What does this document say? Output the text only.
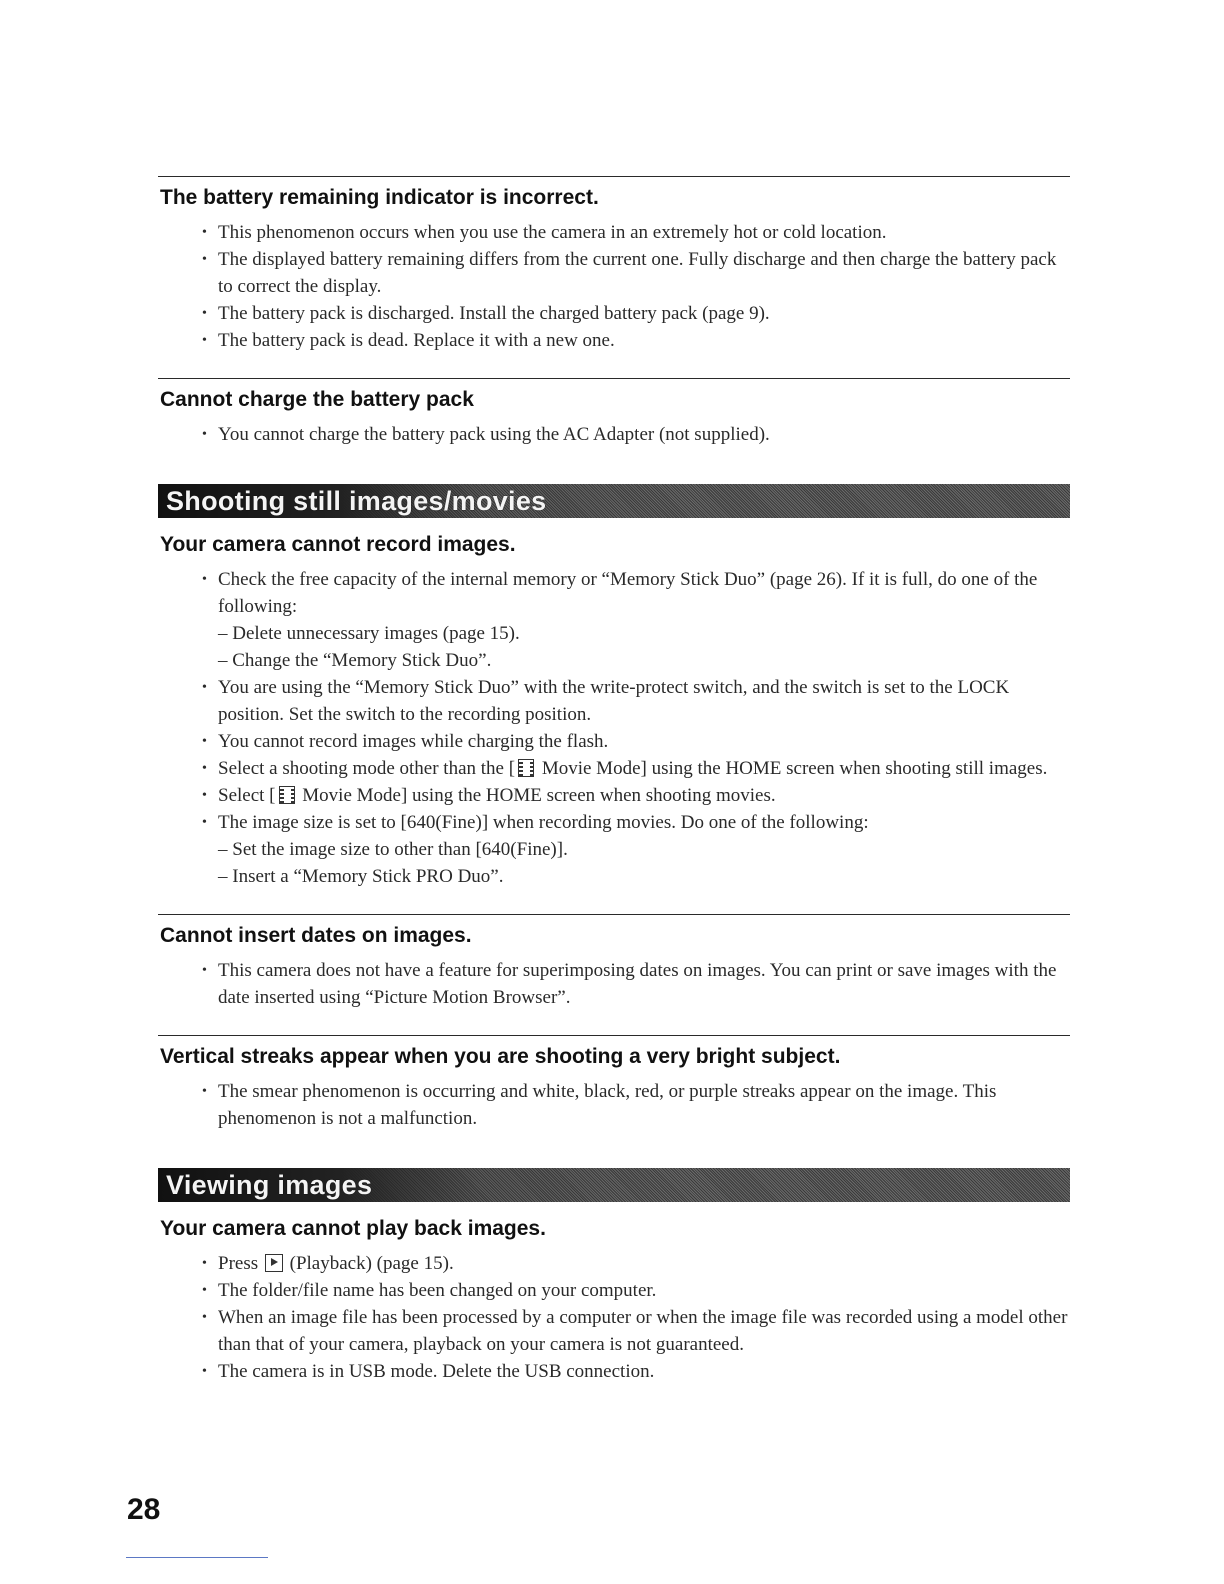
The battery remaining indicator is incorrect.
• This phenomenon occurs when you use the camera in an extremely hot or cold location.
• The displayed battery remaining differs from the current one. Fully discharge and then charge the battery pack to correct the display.
• The battery pack is discharged. Install the charged battery pack (page 9).
• The battery pack is dead. Replace it with a new one.
Cannot charge the battery pack
• You cannot charge the battery pack using the AC Adapter (not supplied).
Shooting still images/movies
Your camera cannot record images.
• Check the free capacity of the internal memory or “Memory Stick Duo” (page 26). If it is full, do one of the following:
– Delete unnecessary images (page 15).
– Change the “Memory Stick Duo”.
• You are using the “Memory Stick Duo” with the write-protect switch, and the switch is set to the LOCK position. Set the switch to the recording position.
• You cannot record images while charging the flash.
• Select a shooting mode other than the [ Movie Mode] using the HOME screen when shooting still images.
• Select [ Movie Mode] using the HOME screen when shooting movies.
• The image size is set to [640(Fine)] when recording movies. Do one of the following:
– Set the image size to other than [640(Fine)].
– Insert a “Memory Stick PRO Duo”.
Cannot insert dates on images.
• This camera does not have a feature for superimposing dates on images. You can print or save images with the date inserted using “Picture Motion Browser”.
Vertical streaks appear when you are shooting a very bright subject.
• The smear phenomenon is occurring and white, black, red, or purple streaks appear on the image. This phenomenon is not a malfunction.
Viewing images
Your camera cannot play back images.
• Press  (Playback) (page 15).
• The folder/file name has been changed on your computer.
• When an image file has been processed by a computer or when the image file was recorded using a model other than that of your camera, playback on your camera is not guaranteed.
• The camera is in USB mode. Delete the USB connection.
28
